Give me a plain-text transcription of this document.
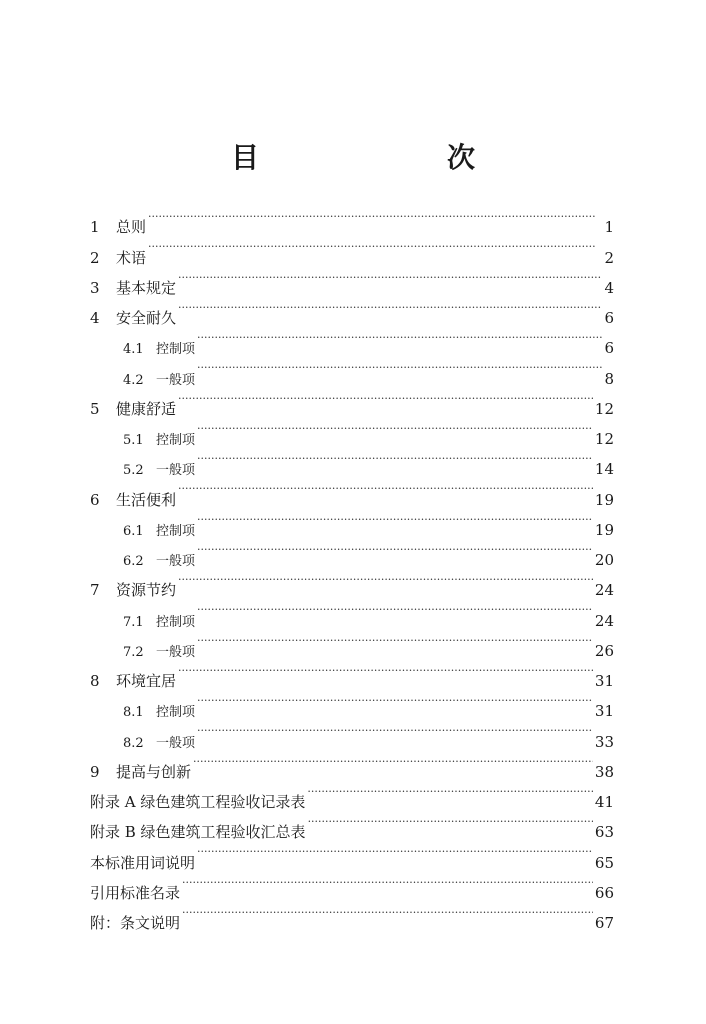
目　　次
1	总则 ·····	1
2	术语 ·····	2
3	基本规定 ·····	4
4	安全耐久 ·····	6
4.1 控制项 ·····	6
4.2 一般项 ·····	8
5	健康舒适 ·····	12
5.1 控制项 ·····	12
5.2 一般项 ·····	14
6	生活便利 ·····	19
6.1 控制项 ·····	19
6.2 一般项 ·····	20
7	资源节约 ·····	24
7.1 控制项 ·····	24
7.2 一般项 ·····	26
8	环境宜居 ·····	31
8.1 控制项 ·····	31
8.2 一般项 ·····	33
9	提高与创新 ·····	38
附录 A 绿色建筑工程验收记录表 ·····	41
附录 B 绿色建筑工程验收汇总表 ·····	63
本标准用词说明 ·····	65
引用标准名录 ·····	66
附：条文说明 ·····	67
